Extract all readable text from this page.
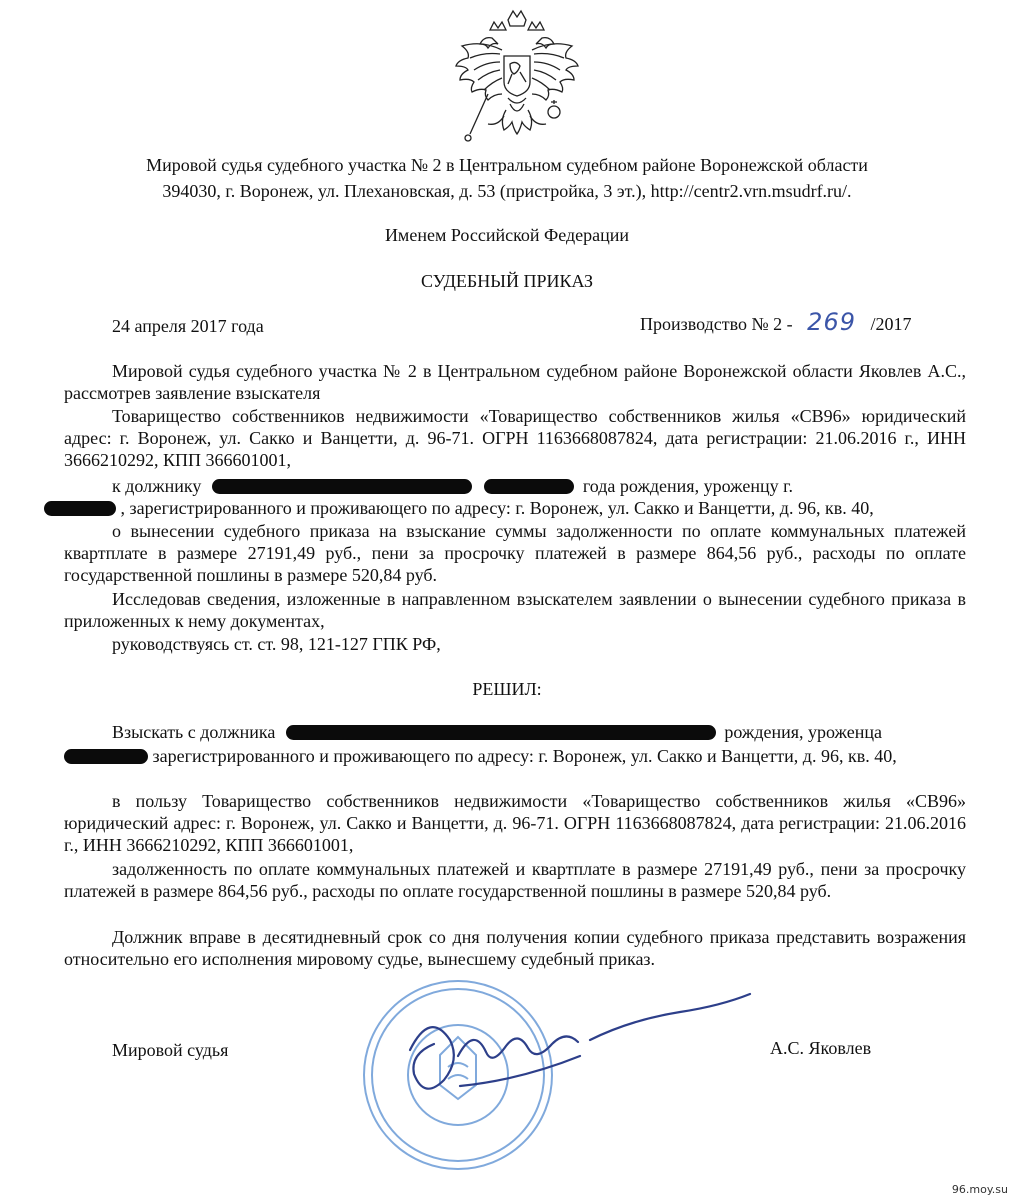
Мировой судья судебного участка № 2 в Центральном судебном районе Воронежской области
394030, г. Воронеж, ул. Плехановская, д. 53 (пристройка, 3 эт.), http://centr2.vrn.msudrf.ru/.
Именем Российской Федерации
СУДЕБНЫЙ ПРИКАЗ
24 апреля 2017 года	Производство № 2 - 269 /2017
Мировой судья судебного участка № 2 в Центральном судебном районе Воронежской области Яковлев А.С., рассмотрев заявление взыскателя
Товарищество собственников недвижимости «Товарищество собственников жилья «СВ96» юридический адрес: г. Воронеж, ул. Сакко и Ванцетти, д. 96-71. ОГРН 1163668087824, дата регистрации: 21.06.2016 г., ИНН 3666210292, КПП 366601001,
к должнику	года рождения, уроженцу г.
, зарегистрированного и проживающего по адресу: г. Воронеж, ул. Сакко и Ванцетти, д. 96, кв. 40,
о вынесении судебного приказа на взыскание суммы задолженности по оплате коммунальных платежей квартплате в размере 27191,49 руб., пени за просрочку платежей в размере 864,56 руб., расходы по оплате государственной пошлины в размере 520,84 руб.
Исследовав сведения, изложенные в направленном взыскателем заявлении о вынесении судебного приказа в приложенных к нему документах,
руководствуясь ст. ст. 98, 121-127 ГПК РФ,
РЕШИЛ:
Взыскать с должника	рождения, уроженца
зарегистрированного и проживающего по адресу: г. Воронеж, ул. Сакко и Ванцетти, д. 96, кв. 40,
в пользу Товарищество собственников недвижимости «Товарищество собственников жилья «СВ96» юридический адрес: г. Воронеж, ул. Сакко и Ванцетти, д. 96-71. ОГРН 1163668087824, дата регистрации: 21.06.2016 г., ИНН 3666210292, КПП 366601001,
задолженность по оплате коммунальных платежей и квартплате в размере 27191,49 руб., пени за просрочку платежей в размере 864,56 руб., расходы по оплате государственной пошлины в размере 520,84 руб.
Должник вправе в десятидневный срок со дня получения копии судебного приказа представить возражения относительно его исполнения мировому судье, вынесшему судебный приказ.
Мировой судья	А.С. Яковлев
96.moy.su
